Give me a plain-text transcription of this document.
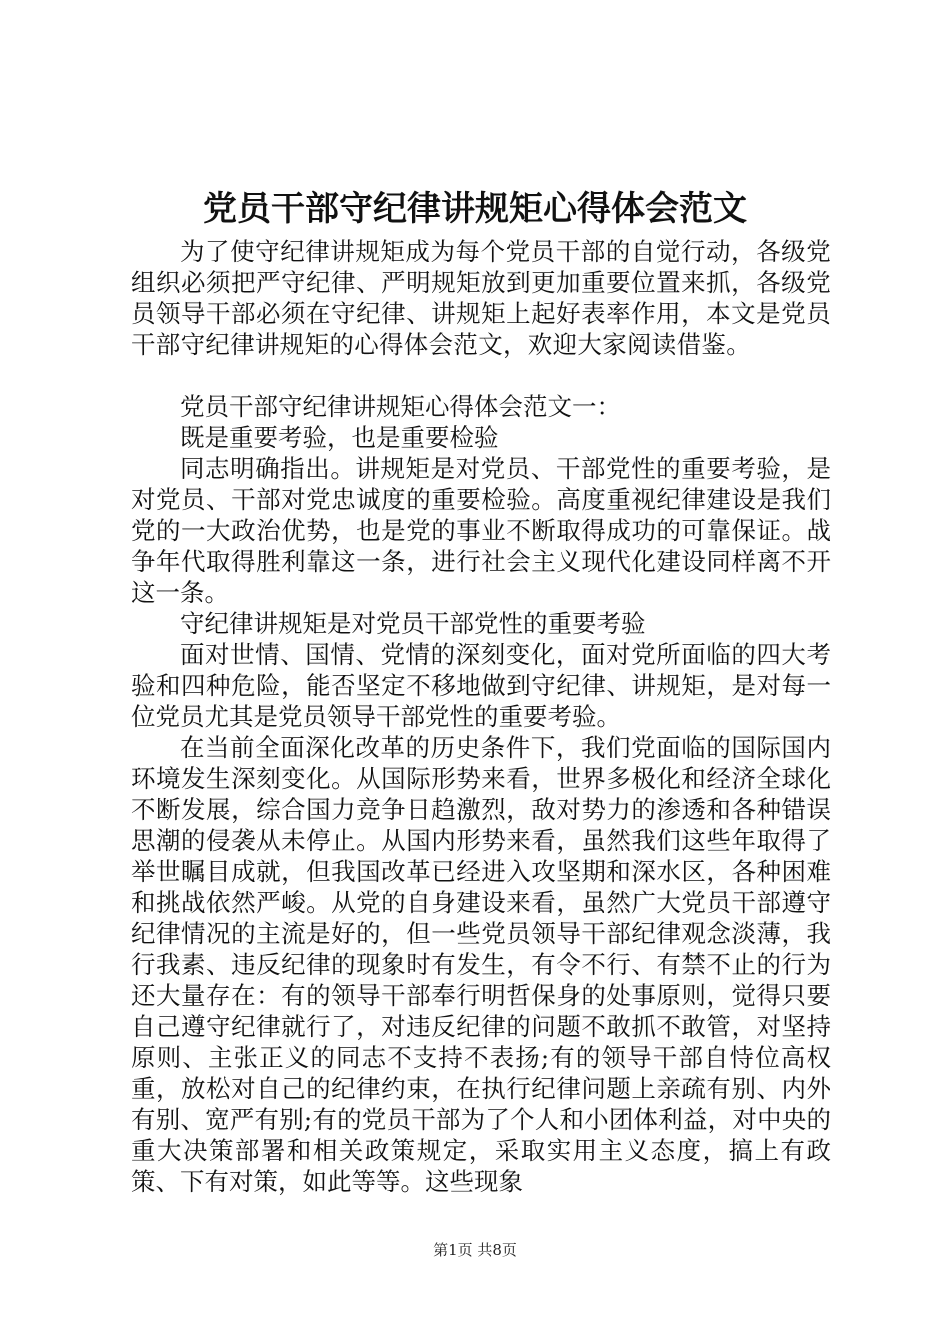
党员干部守纪律讲规矩心得体会范文

为了使守纪律讲规矩成为每个党员干部的自觉行动，各级党组织必须把严守纪律、严明规矩放到更加重要位置来抓，各级党员领导干部必须在守纪律、讲规矩上起好表率作用，本文是党员干部守纪律讲规矩的心得体会范文，欢迎大家阅读借鉴。

党员干部守纪律讲规矩心得体会范文一：

既是重要考验，也是重要检验

同志明确指出。讲规矩是对党员、干部党性的重要考验，是对党员、干部对党忠诚度的重要检验。高度重视纪律建设是我们党的一大政治优势，也是党的事业不断取得成功的可靠保证。战争年代取得胜利靠这一条，进行社会主义现代化建设同样离不开这一条。

守纪律讲规矩是对党员干部党性的重要考验

面对世情、国情、党情的深刻变化，面对党所面临的四大考验和四种危险，能否坚定不移地做到守纪律、讲规矩，是对每一位党员尤其是党员领导干部党性的重要考验。

在当前全面深化改革的历史条件下，我们党面临的国际国内环境发生深刻变化。从国际形势来看，世界多极化和经济全球化不断发展，综合国力竞争日趋激烈，敌对势力的渗透和各种错误思潮的侵袭从未停止。从国内形势来看，虽然我们这些年取得了举世瞩目成就，但我国改革已经进入攻坚期和深水区，各种困难和挑战依然严峻。从党的自身建设来看，虽然广大党员干部遵守纪律情况的主流是好的，但一些党员领导干部纪律观念淡薄，我行我素、违反纪律的现象时有发生，有令不行、有禁不止的行为还大量存在：有的领导干部奉行明哲保身的处事原则，觉得只要自己遵守纪律就行了，对违反纪律的问题不敢抓不敢管，对坚持原则、主张正义的同志不支持不表扬;有的领导干部自恃位高权重，放松对自己的纪律约束，在执行纪律问题上亲疏有别、内外有别、宽严有别;有的党员干部为了个人和小团体利益，对中央的重大决策部署和相关政策规定，采取实用主义态度，搞上有政策、下有对策，如此等等。这些现象

第1页 共8页
